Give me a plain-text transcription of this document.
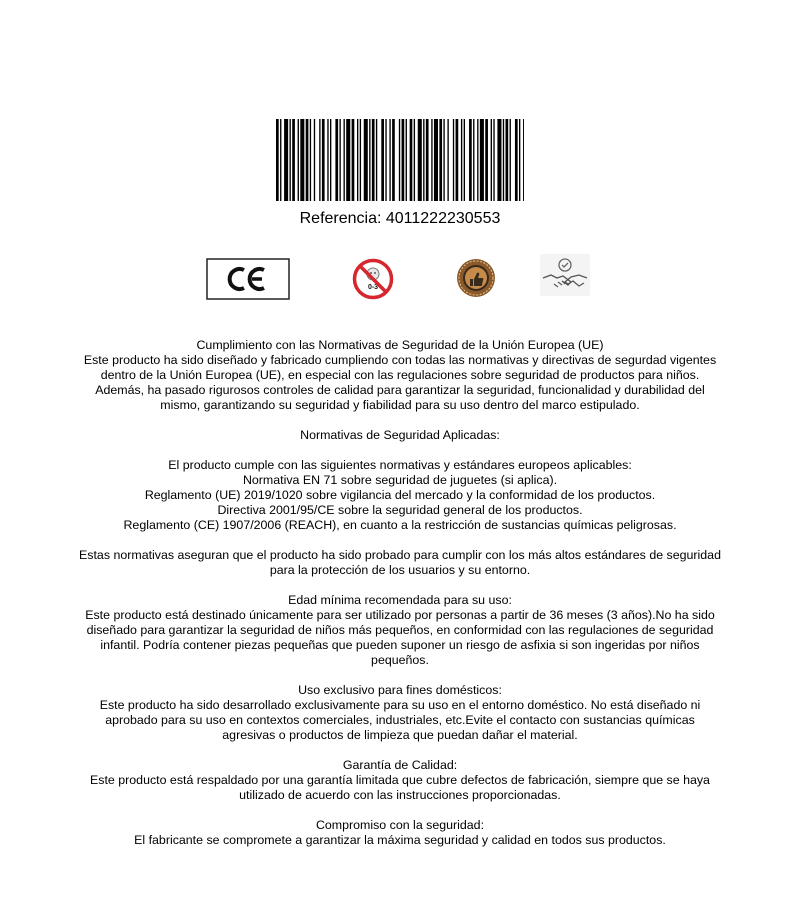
Referencia: 4011222230553
0-3

Cumplimiento con las Normativas de Seguridad de la Unión Europea (UE)
Este producto ha sido diseñado y fabricado cumpliendo con todas las normativas y directivas de segurdad vigentes dentro de la Unión Europea (UE), en especial con las regulaciones sobre seguridad de productos para niños. Además, ha pasado rigurosos controles de calidad para garantizar la seguridad, funcionalidad y durabilidad del mismo, garantizando su seguridad y fiabilidad para su uso dentro del marco estipulado.

Normativas de Seguridad Aplicadas:

El producto cumple con las siguientes normativas y estándares europeos aplicables:
Normativa EN 71 sobre seguridad de juguetes (si aplica).
Reglamento (UE) 2019/1020 sobre vigilancia del mercado y la conformidad de los productos.
Directiva 2001/95/CE sobre la seguridad general de los productos.
Reglamento (CE) 1907/2006 (REACH), en cuanto a la restricción de sustancias químicas peligrosas.

Estas normativas aseguran que el producto ha sido probado para cumplir con los más altos estándares de seguridad para la protección de los usuarios y su entorno.

Edad mínima recomendada para su uso:
Este producto está destinado únicamente para ser utilizado por personas a partir de 36 meses (3 años).No ha sido diseñado para garantizar la seguridad de niños más pequeños, en conformidad con las regulaciones de seguridad infantil. Podría contener piezas pequeñas que pueden suponer un riesgo de asfixia si son ingeridas por niños pequeños.

Uso exclusivo para fines domésticos:
Este producto ha sido desarrollado exclusivamente para su uso en el entorno doméstico. No está diseñado ni aprobado para su uso en contextos comerciales, industriales, etc.Evite el contacto con sustancias químicas agresivas o productos de limpieza que puedan dañar el material.

Garantía de Calidad:
Este producto está respaldado por una garantía limitada que cubre defectos de fabricación, siempre que se haya utilizado de acuerdo con las instrucciones proporcionadas.

Compromiso con la seguridad:
El fabricante se compromete a garantizar la máxima seguridad y calidad en todos sus productos.
